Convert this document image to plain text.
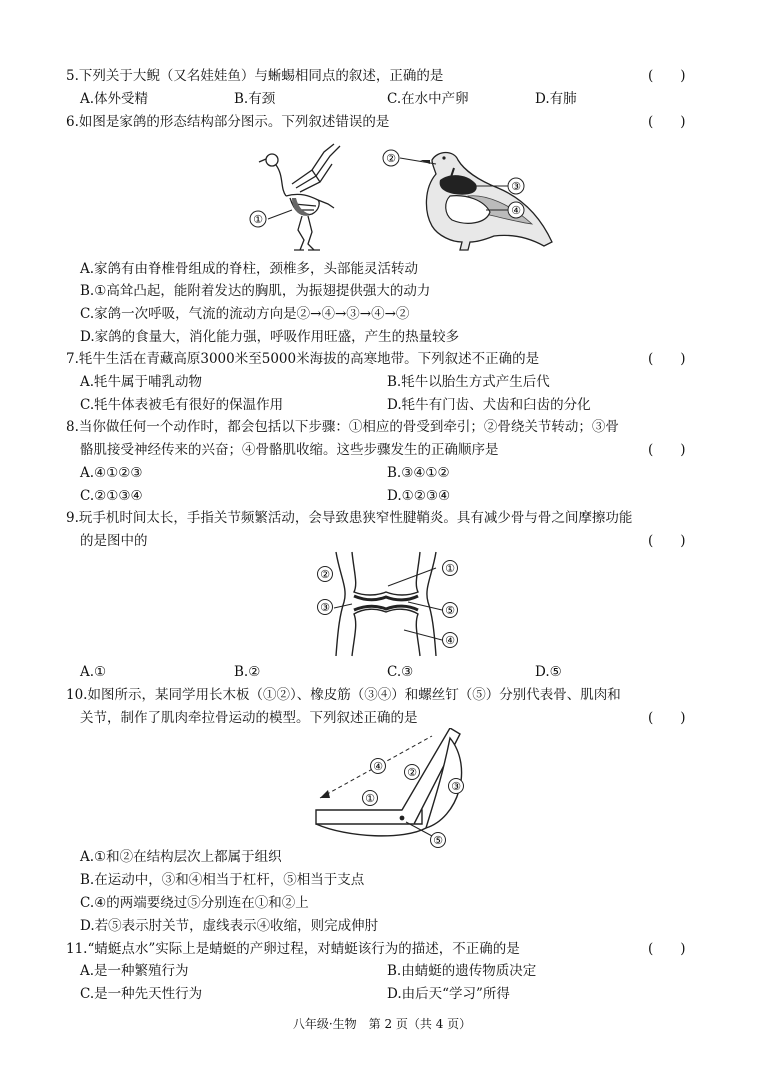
5.下列关于大鲵（又名娃娃鱼）与蜥蜴相同点的叙述，正确的是	(　　)
A.体外受精	B.有颈	C.在水中产卵	D.有肺
6.如图是家鸽的形态结构部分图示。下列叙述错误的是	(　　)
①
②
③
④
A.家鸽有由脊椎骨组成的脊柱，颈椎多，头部能灵活转动
B.①高耸凸起，能附着发达的胸肌，为振翅提供强大的动力
C.家鸽一次呼吸，气流的流动方向是②→④→③→④→②
D.家鸽的食量大，消化能力强，呼吸作用旺盛，产生的热量较多
7.牦牛生活在青藏高原3000米至5000米海拔的高寒地带。下列叙述不正确的是	(　　)
A.牦牛属于哺乳动物	B.牦牛以胎生方式产生后代
C.牦牛体表被毛有很好的保温作用	D.牦牛有门齿、犬齿和臼齿的分化
8.当你做任何一个动作时，都会包括以下步骤：①相应的骨受到牵引；②骨绕关节转动；③骨
骼肌接受神经传来的兴奋；④骨骼肌收缩。这些步骤发生的正确顺序是	(　　)
A.④①②③	B.③④①②
C.②①③④	D.①②③④
9.玩手机时间太长，手指关节频繁活动，会导致患狭窄性腱鞘炎。具有减少骨与骨之间摩擦功能
的是图中的	(　　)
①
②
③	⑤
④
A.①	B.②	C.③	D.⑤
10.如图所示，某同学用长木板（①②）、橡皮筋（③④）和螺丝钉（⑤）分别代表骨、肌肉和
关节，制作了肌肉牵拉骨运动的模型。下列叙述正确的是	(　　)
④ ②
③
①
⑤
A.①和②在结构层次上都属于组织
B.在运动中，③和④相当于杠杆，⑤相当于支点
C.④的两端要绕过⑤分别连在①和②上
D.若⑤表示肘关节，虚线表示④收缩，则完成伸肘
11.“蜻蜓点水”实际上是蜻蜓的产卵过程，对蜻蜓该行为的描述，不正确的是	(　　)
A.是一种繁殖行为	B.由蜻蜓的遗传物质决定
C.是一种先天性行为	D.由后天“学习”所得
八年级·生物　第 2 页（共 4 页）
